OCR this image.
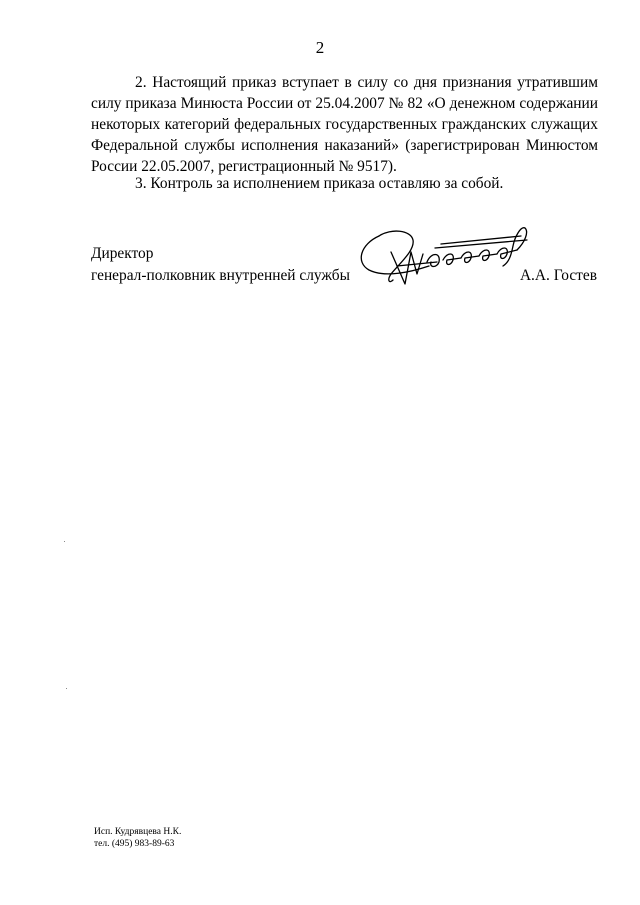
2

2. Настоящий приказ вступает в силу со дня признания утратившим силу приказа Минюста России от 25.04.2007 № 82 «О денежном содержании некоторых категорий федеральных государственных гражданских служащих Федеральной службы исполнения наказаний» (зарегистрирован Минюстом России 22.05.2007, регистрационный № 9517).

3. Контроль за исполнением приказа оставляю за собой.

Директор
генерал-полковник внутренней службы	А.А. Гостев
Исп. Кудрявцева Н.К.
тел. (495) 983-89-63
